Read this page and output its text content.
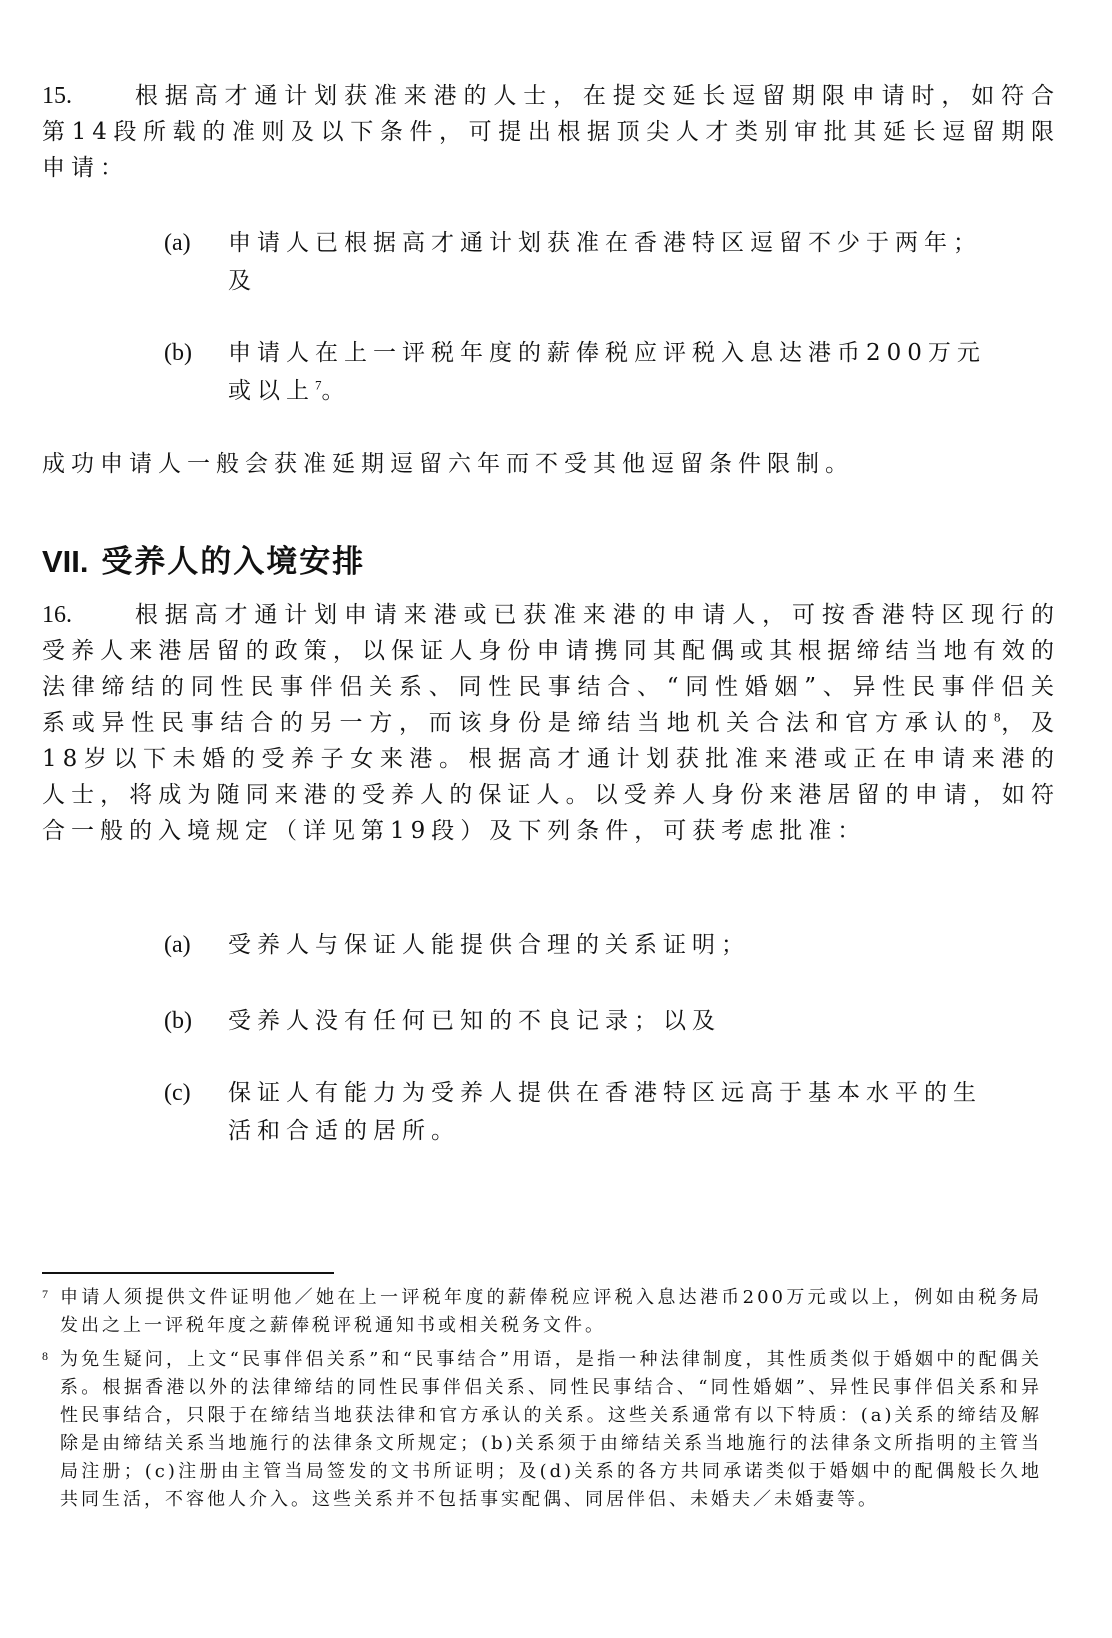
15.	根据高才通计划获准来港的人士，在提交延长逗留期限申请时，如符合第14段所载的准则及以下条件，可提出根据顶尖人才类别审批其延长逗留期限申请：

(a) 申请人已根据高才通计划获准在香港特区逗留不少于两年；及
(b) 申请人在上一评税年度的薪俸税应评税入息达港币200万元或以上$^7$。

成功申请人一般会获准延期逗留六年而不受其他逗留条件限制。

VII. 受养人的入境安排

16.	根据高才通计划申请来港或已获准来港的申请人，可按香港特区现行的受养人来港居留的政策，以保证人身份申请携同其配偶或其根据缔结当地有效的法律缔结的同性民事伴侣关系、同性民事结合、“同性婚姻”、异性民事伴侣关系或异性民事结合的另一方，而该身份是缔结当地机关合法和官方承认的$^8$，及18岁以下未婚的受养子女来港。根据高才通计划获批准来港或正在申请来港的人士，将成为随同来港的受养人的保证人。以受养人身份来港居留的申请，如符合一般的入境规定（详见第19段）及下列条件，可获考虑批准：

(a) 受养人与保证人能提供合理的关系证明；
(b) 受养人没有任何已知的不良记录；以及
(c) 保证人有能力为受养人提供在香港特区远高于基本水平的生活和合适的居所。
7 申请人须提供文件证明他／她在上一评税年度的薪俸税应评税入息达港币200万元或以上，例如由税务局发出之上一评税年度之薪俸税评税通知书或相关税务文件。
8 为免生疑问，上文“民事伴侣关系”和“民事结合”用语，是指一种法律制度，其性质类似于婚姻中的配偶关系。根据香港以外的法律缔结的同性民事伴侣关系、同性民事结合、“同性婚姻”、异性民事伴侣关系和异性民事结合，只限于在缔结当地获法律和官方承认的关系。这些关系通常有以下特质：(a)关系的缔结及解除是由缔结关系当地施行的法律条文所规定；(b)关系须于由缔结关系当地施行的法律条文所指明的主管当局注册；(c)注册由主管当局签发的文书所证明；及(d)关系的各方共同承诺类似于婚姻中的配偶般长久地共同生活，不容他人介入。这些关系并不包括事实配偶、同居伴侣、未婚夫／未婚妻等。
